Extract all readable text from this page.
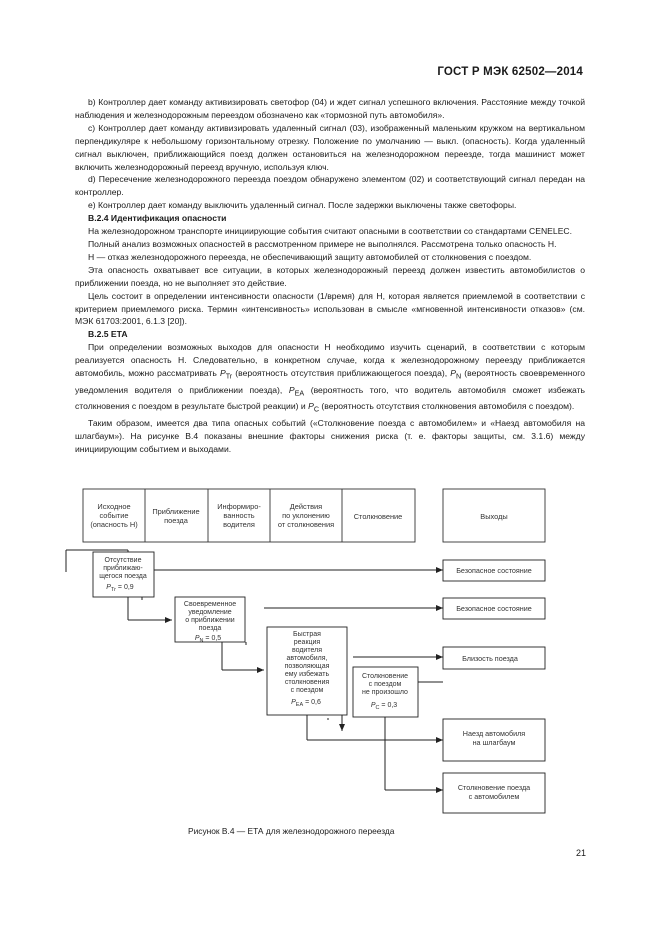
ГОСТ Р МЭК 62502—2014

b) Контроллер дает команду активизировать светофор (04) и ждет сигнал успешного включения. Расстояние между точкой наблюдения и железнодорожным переездом обозначено как «тормозной путь автомобиля».

c) Контроллер дает команду активизировать удаленный сигнал (03), изображенный маленьким кружком на вертикальном перпендикуляре к небольшому горизонтальному отрезку. Положение по умолчанию — выкл. (опасность). Когда удаленный сигнал выключен, приближающийся поезд должен остановиться на железнодорожном переезде, тогда машинист может включить железнодорожный переезд вручную, используя ключ.

d) Пересечение железнодорожного переезда поездом обнаружено элементом (02) и соответствующий сигнал передан на контроллер.

e) Контроллер дает команду выключить удаленный сигнал. После задержки выключены также светофоры.

В.2.4 Идентификация опасности

На железнодорожном транспорте инициирующие события считают опасными в соответствии со стандартами CENELEC.

Полный анализ возможных опасностей в рассмотренном примере не выполнялся. Рассмотрена только опасность H.

H — отказ железнодорожного переезда, не обеспечивающий защиту автомобилей от столкновения с поездом.

Эта опасность охватывает все ситуации, в которых железнодорожный переезд должен известить автомобилистов о приближении поезда, но не выполняет это действие.

Цель состоит в определении интенсивности опасности (1/время) для H, которая является приемлемой в соответствии с критерием приемлемого риска. Термин «интенсивность» использован в смысле «мгновенной интенсивности отказов» (см. МЭК 61703:2001, 6.1.3 [20]).

В.2.5 ЕТА

При определении возможных выходов для опасности H необходимо изучить сценарий, в соответствии с которым реализуется опасность H. Следовательно, в конкретном случае, когда к железнодорожному переезду приближается автомобиль, можно рассматривать $P_{Tr}$ (вероятность отсутствия приближающегося поезда), $P_N$ (вероятность своевременного уведомления водителя о приближении поезда), $P_{EA}$ (вероятность того, что водитель автомобиля сможет избежать столкновения с поездом в результате быстрой реакции) и $P_C$ (вероятность отсутствия столкновения автомобиля с поездом).

Таким образом, имеется два типа опасных событий («Столкновение поезда с автомобилем» и «Наезд автомобиля на шлагбаум»). На рисунке В.4 показаны внешние факторы снижения риска (т. е. факторы защиты, см. 3.1.6) между инициирующим событием и выходами.

Исходное
событие
(опасность H)
Приближение
поезда
Информиро-
ванность
водителя
Действия
по уклонению
от столкновения
Столкновение	Выходы
Отсутствие
приближаю-
щегося поезда
$P_{Tr} = 0,9$
Своевременное
уведомление
о приближении
поезда
$P_N = 0,5$
Быстрая
реакция
водителя
автомобиля,
позволяющая
ему избежать
столкновения
с поездом
$P_{EA} = 0,6$
Столкновение
с поездом
не произошло
$P_C = 0,3$
Безопасное состояние
Безопасное состояние
Близость поезда
Наезд автомобиля
на шлагбаум
Столкновение поезда
с автомобилем
Рисунок В.4 — ЕТА для железнодорожного переезда
21
